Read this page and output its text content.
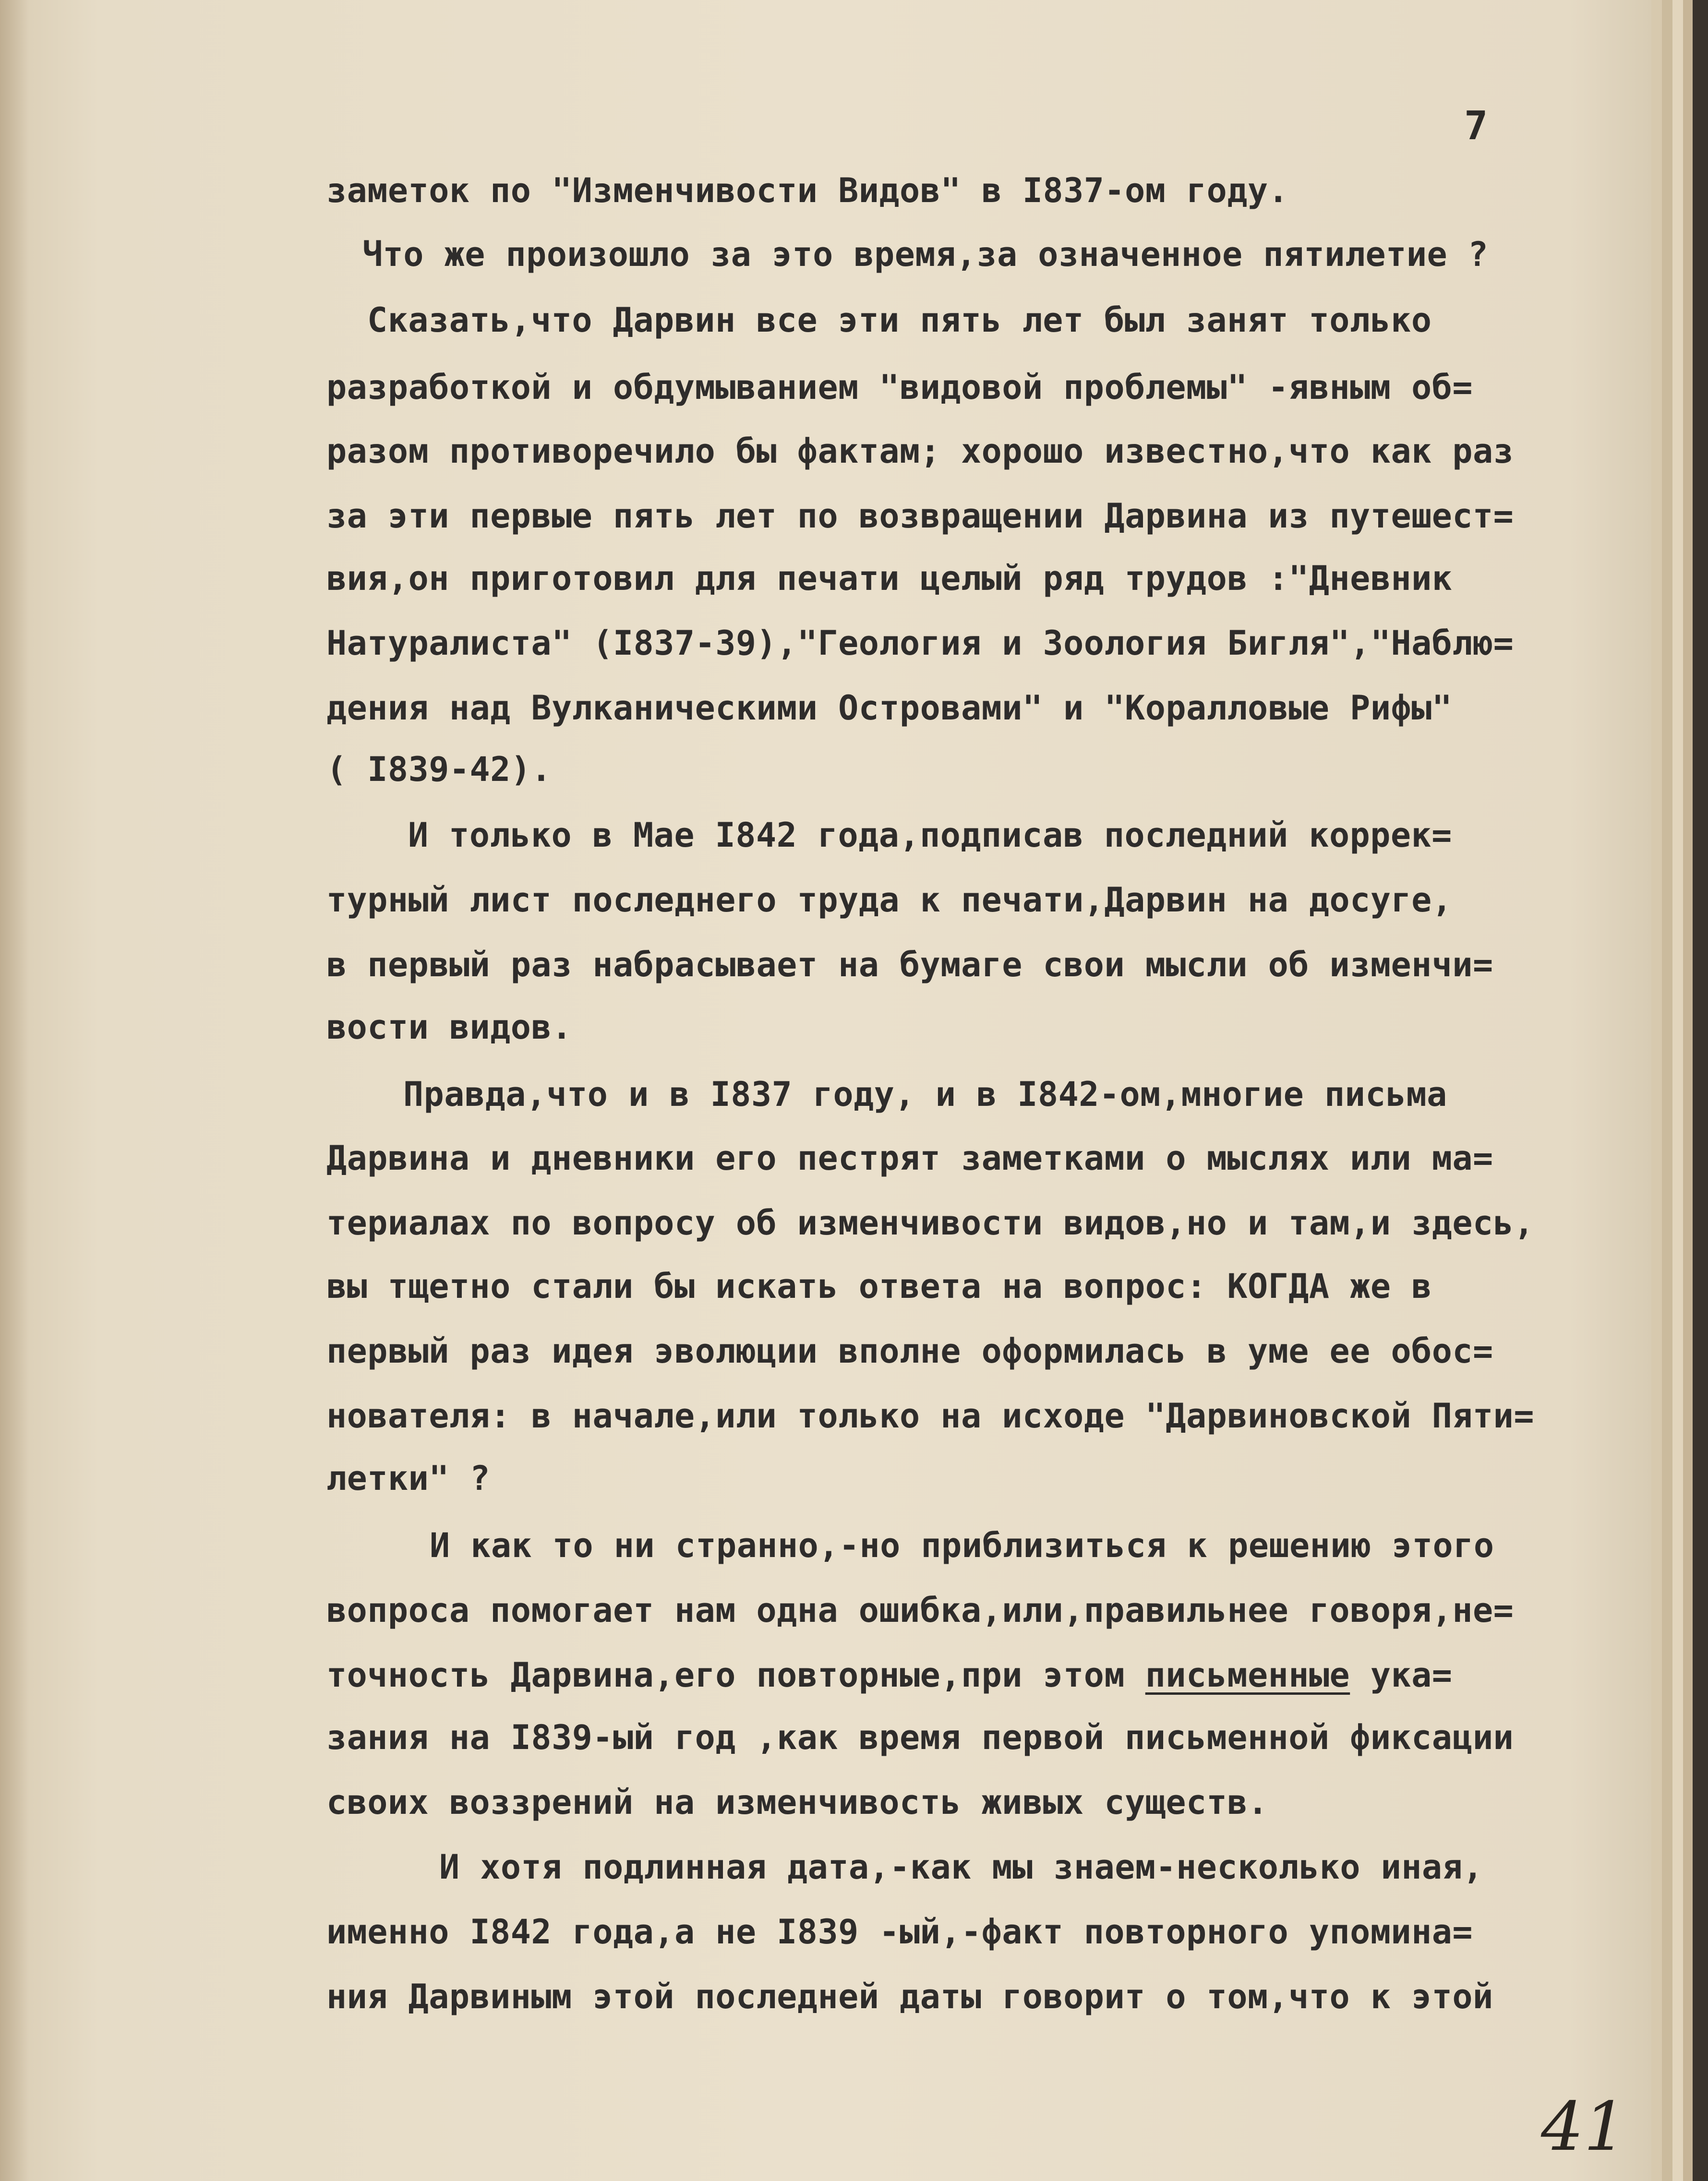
7
заметок по "Изменчивости Видов" в I837-ом году.
Что же произошло за это время,за означенное пятилетие ?
Сказать,что Дарвин все эти пять лет был занят только
разработкой и обдумыванием "видовой проблемы" -явным об=
разом противоречило бы фактам; хорошо известно,что как раз
за эти первые пять лет по возвращении Дарвина из путешест=
вия,он приготовил для печати целый ряд трудов :"Дневник
Натуралиста" (I837-39),"Геология и Зоология Бигля","Наблю=
дения над Вулканическими Островами" и "Коралловые Рифы"
( I839-42).
И только в Мае I842 года,подписав последний коррек=
турный лист последнего труда к печати,Дарвин на досуге,
в первый раз набрасывает на бумаге свои мысли об изменчи=
вости видов.
Правда,что и в I837 году, и в I842-ом,многие письма
Дарвина и дневники его пестрят заметками о мыслях или ма=
териалах по вопросу об изменчивости видов,но и там,и здесь,
вы тщетно стали бы искать ответа на вопрос: КОГДА же в
первый раз идея эволюции вполне оформилась в уме ее обос=
нователя: в начале,или только на исходе "Дарвиновской Пяти=
летки" ?
И как то ни странно,-но приблизиться к решению этого
вопроса помогает нам одна ошибка,или,правильнее говоря,не=
точность Дарвина,его повторные,при этом письменные ука=
зания на I839-ый год ,как время первой письменной фиксации
своих воззрений на изменчивость живых существ.
И хотя подлинная дата,-как мы знаем-несколько иная,
именно I842 года,а не I839 -ый,-факт повторного упомина=
ния Дарвиным этой последней даты говорит о том,что к этой
41
